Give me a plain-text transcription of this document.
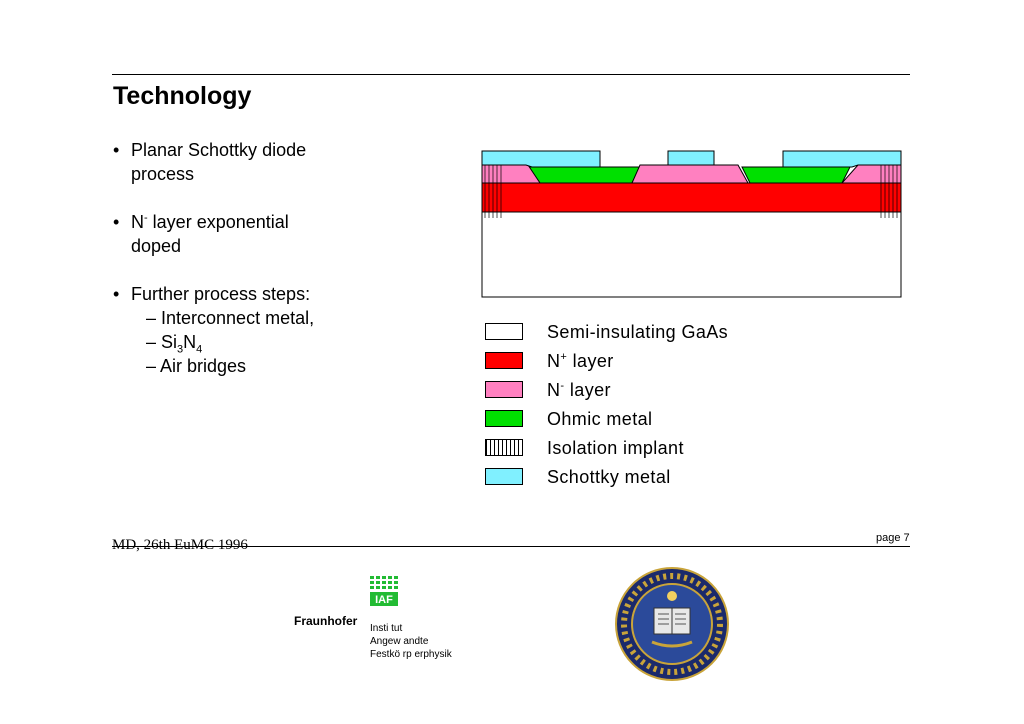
Technology
• Planar Schottky diode
process
• N- layer exponential
doped
• Further process steps:
– Interconnect metal,
– $Si_3N_4$
– Air bridges
Semi-insulating GaAs
N+ layer
N- layer
Ohmic metal
Isolation implant
Schottky metal
MD, 26th EuMC 1996	page 7
IAF
Fraunhofer
Insti tut
Angew andte
Festkö rp erphysik
